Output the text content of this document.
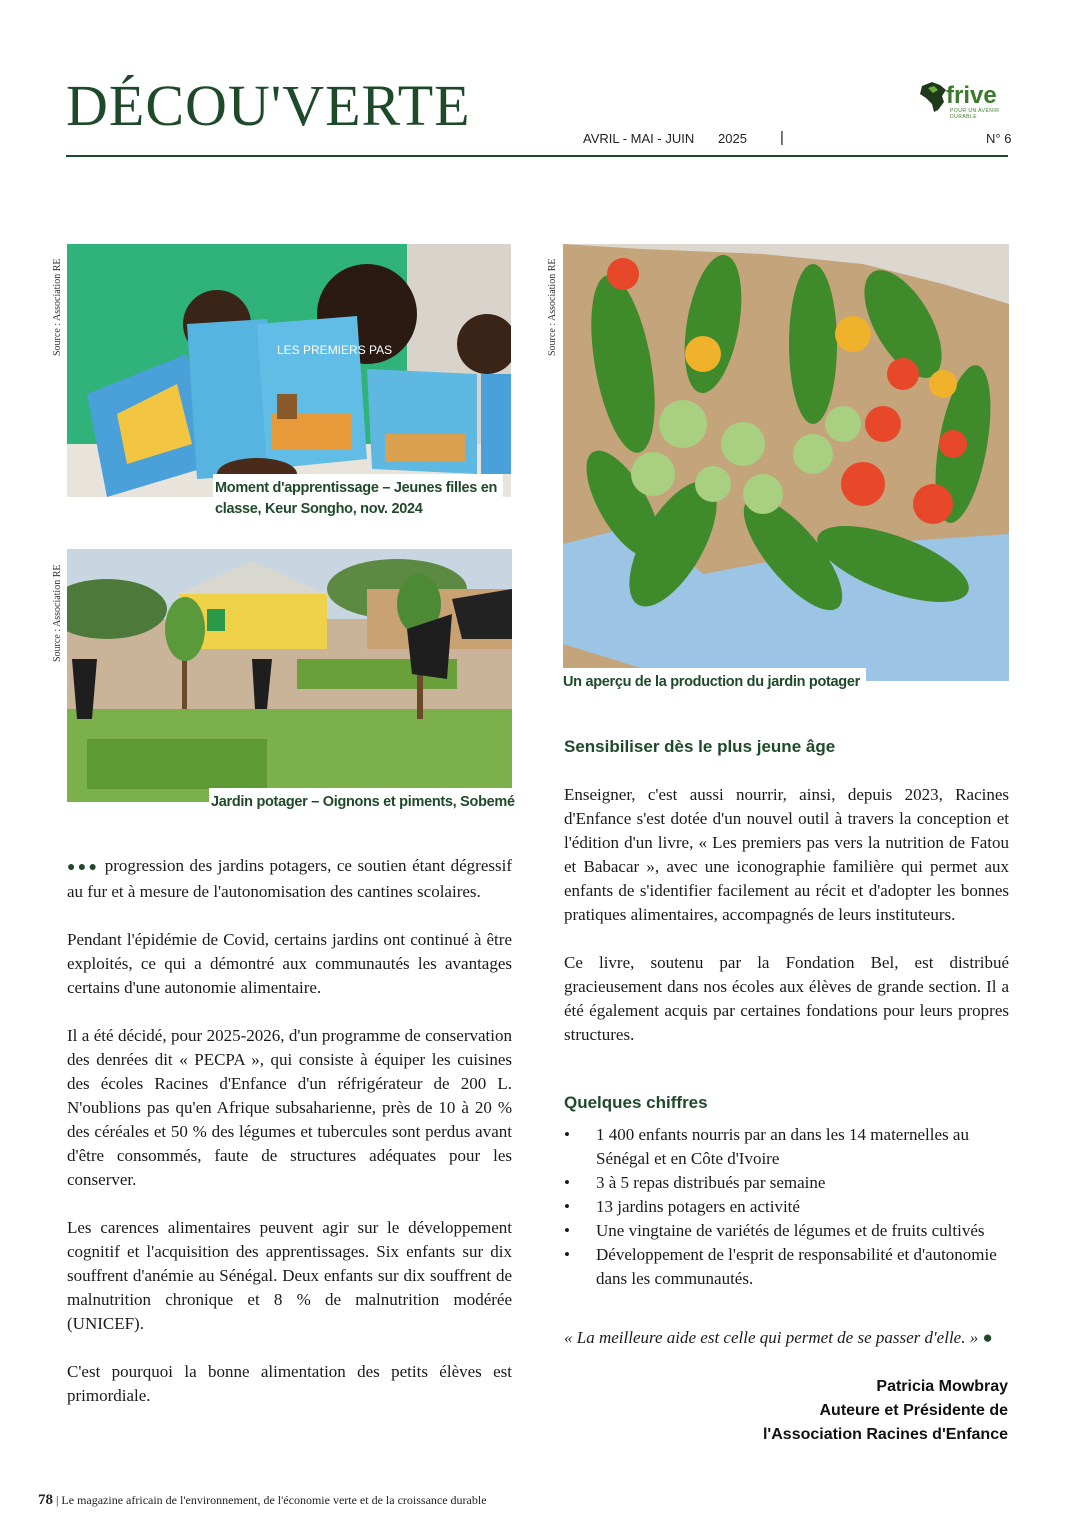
DÉCOU'VERTE	frive
POUR UN AVENIR DURABLE
AVRIL - MAI - JUIN 2025 |	N° 6
Source : Association RE	LES PREMIERS PAS
Moment d'apprentissage – Jeunes filles en
classe, Keur Songho, nov. 2024
Source : Association RE
Jardin potager – Oignons et piments, Sobemé
Source : Association RE
Un aperçu de la production du jardin potager

●●● progression des jardins potagers, ce soutien étant dégressif au fur et à mesure de l'autonomisation des cantines scolaires.

Pendant l'épidémie de Covid, certains jardins ont continué à être exploités, ce qui a démontré aux communautés les avantages certains d'une autonomie alimentaire.

Il a été décidé, pour 2025-2026, d'un programme de conservation des denrées dit « PECPA », qui consiste à équiper les cuisines des écoles Racines d'Enfance d'un réfrigérateur de 200 L. N'oublions pas qu'en Afrique subsaharienne, près de 10 à 20 % des céréales et 50 % des légumes et tubercules sont perdus avant d'être consommés, faute de structures adéquates pour les conserver.

Les carences alimentaires peuvent agir sur le développement cognitif et l'acquisition des apprentissages. Six enfants sur dix souffrent d'anémie au Sénégal. Deux enfants sur dix souffrent de malnutrition chronique et 8 % de malnutrition modérée (UNICEF).

C'est pourquoi la bonne alimentation des petits élèves est primordiale.

Sensibiliser dès le plus jeune âge

Enseigner, c'est aussi nourrir, ainsi, depuis 2023, Racines d'Enfance s'est dotée d'un nouvel outil à travers la conception et l'édition d'un livre, « Les premiers pas vers la nutrition de Fatou et Babacar », avec une iconographie familière qui permet aux enfants de s'identifier facilement au récit et d'adopter les bonnes pratiques alimentaires, accompagnés de leurs instituteurs.

Ce livre, soutenu par la Fondation Bel, est distribué gracieusement dans nos écoles aux élèves de grande section. Il a été également acquis par certaines fondations pour leurs propres structures.

Quelques chiffres
• 1 400 enfants nourris par an dans les 14 maternelles au Sénégal et en Côte d'Ivoire
• 3 à 5 repas distribués par semaine
• 13 jardins potagers en activité
• Une vingtaine de variétés de légumes et de fruits cultivés
• Développement de l'esprit de responsabilité et d'autonomie dans les communautés.
« La meilleure aide est celle qui permet de se passer d'elle. » ●
Patricia Mowbray
Auteure et Présidente de
l'Association Racines d'Enfance
78 | Le magazine africain de l'environnement, de l'économie verte et de la croissance durable
